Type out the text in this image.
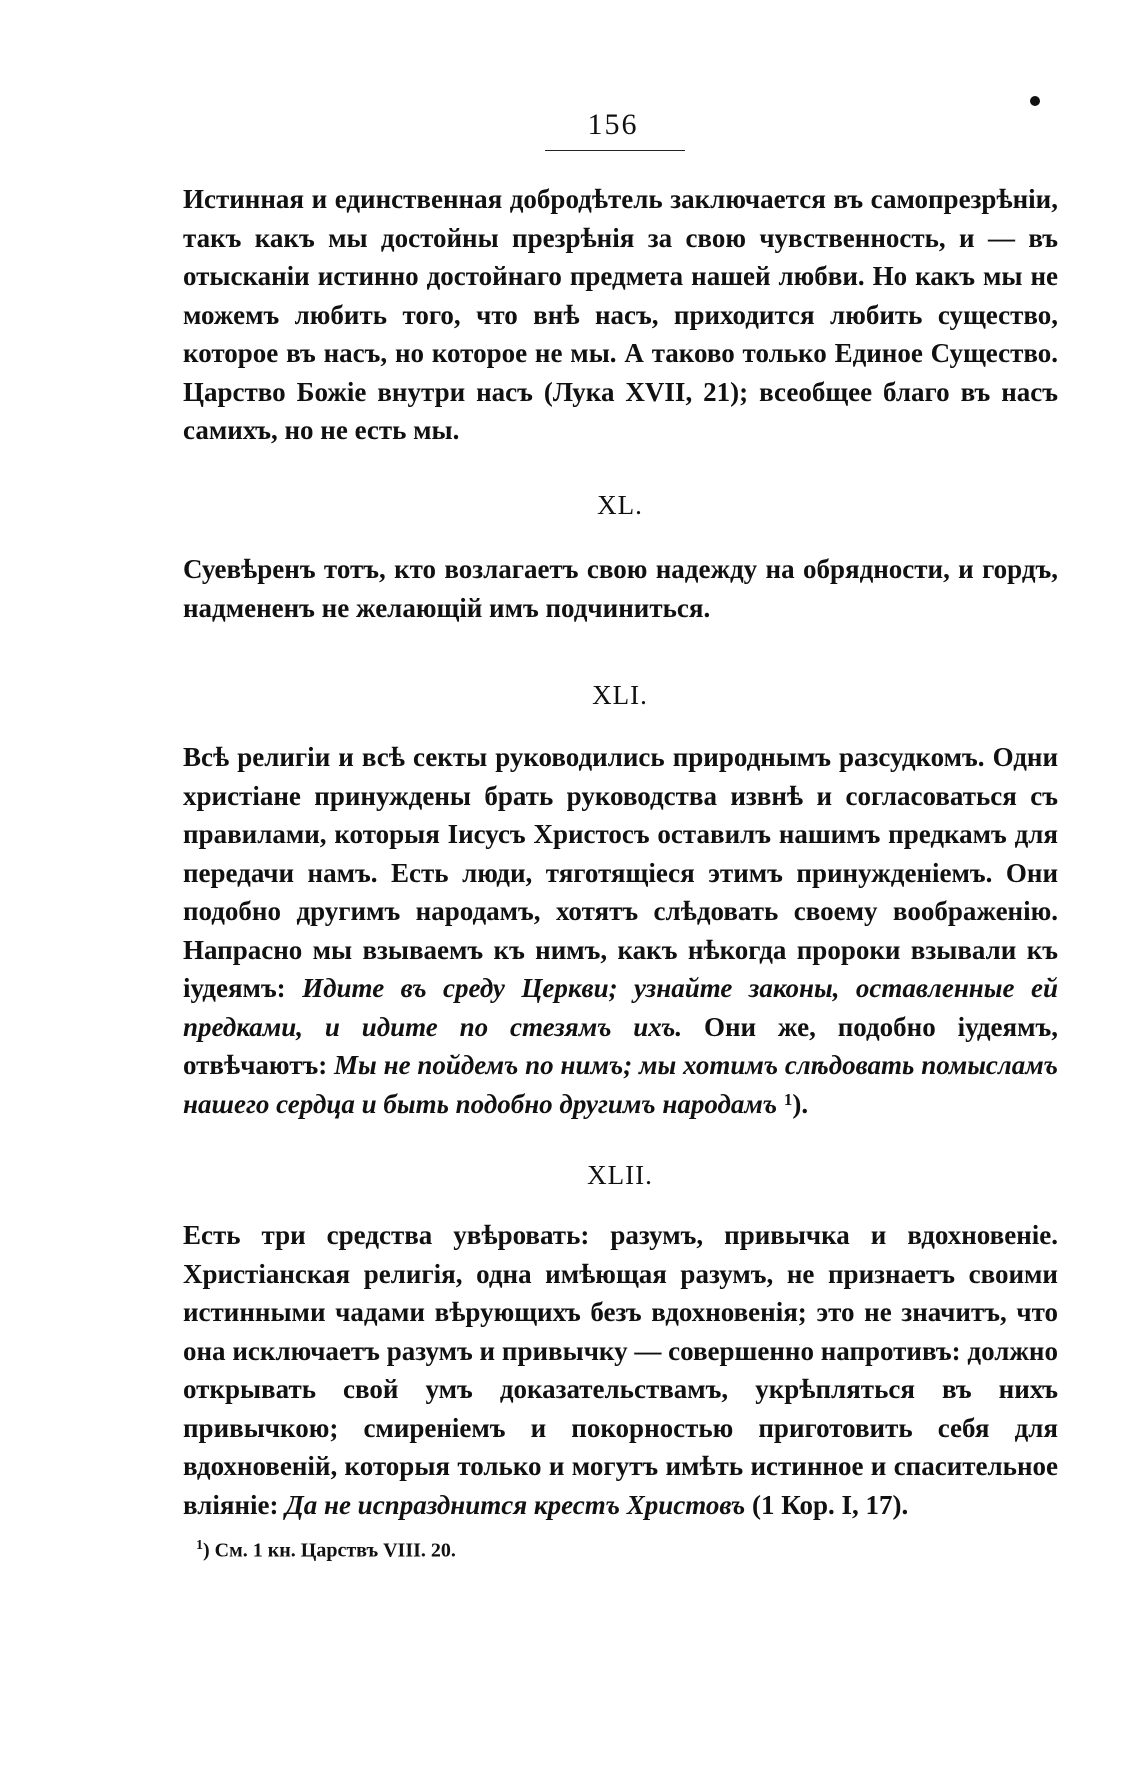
156

Истинная и единственная добродѣтель заключается въ самопрезрѣніи, такъ какъ мы достойны презрѣнія за свою чувственность, и — въ отысканіи истинно достойнаго предмета нашей любви. Но какъ мы не можемъ любить того, что внѣ насъ, приходится любить существо, которое въ насъ, но которое не мы. А таково только Единое Существо. Царство Божіе внутри насъ (Лука XVII, 21); всеобщее благо въ насъ самихъ, но не есть мы.

XL.

Суевѣренъ тотъ, кто возлагаетъ свою надежду на обрядности, и гордъ, надмененъ не желающій имъ подчиниться.

XLI.

Всѣ религіи и всѣ секты руководились природнымъ разсудкомъ. Одни христіане принуждены брать руководства извнѣ и согласоваться съ правилами, которыя Іисусъ Христосъ оставилъ нашимъ предкамъ для передачи намъ. Есть люди, тяготящіеся этимъ принужденіемъ. Они подобно другимъ народамъ, хотятъ слѣдовать своему воображенію. Напрасно мы взываемъ къ нимъ, какъ нѣкогда пророки взывали къ іудеямъ: Идите въ среду Церкви; узнайте законы, оставленные ей предками, и идите по стезямъ ихъ. Они же, подобно іудеямъ, отвѣчаютъ: Мы не пойдемъ по нимъ; мы хотимъ слѣдовать помысламъ нашего сердца и быть подобно другимъ народамъ $^1$).

XLII.

Есть три средства увѣровать: разумъ, привычка и вдохновеніе. Христіанская религія, одна имѣющая разумъ, не признаетъ своими истинными чадами вѣрующихъ безъ вдохновенія; это не значитъ, что она исключаетъ разумъ и привычку — совершенно напротивъ: должно открывать свой умъ доказательствамъ, укрѣпляться въ нихъ привычкою; смиреніемъ и покорностью приготовить себя для вдохновеній, которыя только и могутъ имѣть истинное и спасительное вліяніе: Да не испразднится крестъ Христовъ (1 Кор. I, 17).

$^1$) См. 1 кн. Царствъ VIII. 20.
